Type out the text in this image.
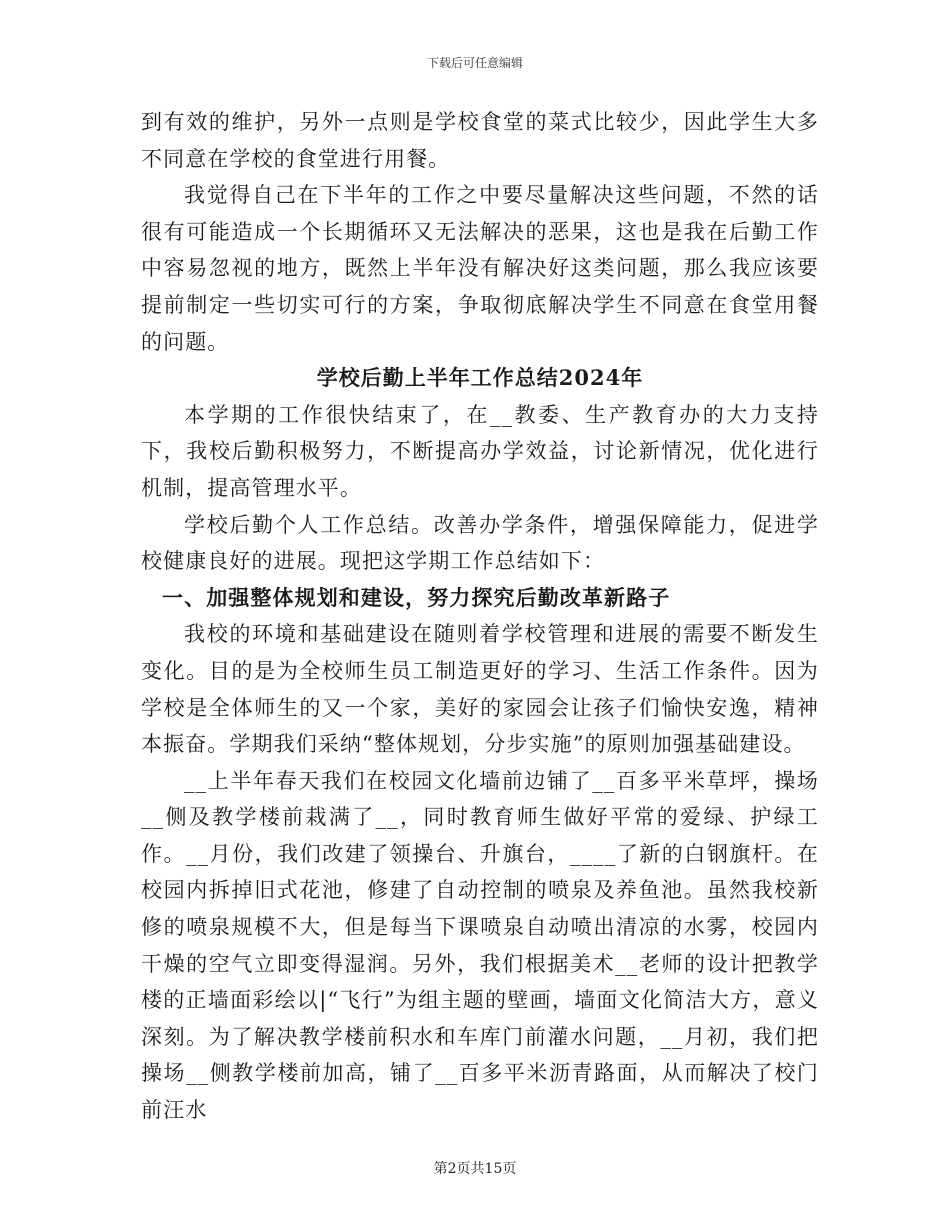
下载后可任意编辑

到有效的维护，另外一点则是学校食堂的菜式比较少，因此学生大多不同意在学校的食堂进行用餐。

我觉得自己在下半年的工作之中要尽量解决这些问题，不然的话很有可能造成一个长期循环又无法解决的恶果，这也是我在后勤工作中容易忽视的地方，既然上半年没有解决好这类问题，那么我应该要提前制定一些切实可行的方案，争取彻底解决学生不同意在食堂用餐的问题。

学校后勤上半年工作总结2024年

本学期的工作很快结束了，在__教委、生产教育办的大力支持下，我校后勤积极努力，不断提高办学效益，讨论新情况，优化进行机制，提高管理水平。

学校后勤个人工作总结。改善办学条件，增强保障能力，促进学校健康良好的进展。现把这学期工作总结如下：

一、加强整体规划和建设，努力探究后勤改革新路子

我校的环境和基础建设在随则着学校管理和进展的需要不断发生变化。目的是为全校师生员工制造更好的学习、生活工作条件。因为学校是全体师生的又一个家，美好的家园会让孩子们愉快安逸，精神本振奋。学期我们采纳“整体规划，分步实施”的原则加强基础建设。

__上半年春天我们在校园文化墙前边铺了__百多平米草坪，操场__侧及教学楼前栽满了__，同时教育师生做好平常的爱绿、护绿工作。__月份，我们改建了领操台、升旗台，____了新的白钢旗杆。在校园内拆掉旧式花池，修建了自动控制的喷泉及养鱼池。虽然我校新修的喷泉规模不大，但是每当下课喷泉自动喷出清凉的水雾，校园内干燥的空气立即变得湿润。另外，我们根据美术__老师的设计把教学楼的正墙面彩绘以|“飞行”为组主题的壁画，墙面文化简洁大方，意义深刻。为了解决教学楼前积水和车库门前灌水问题，__月初，我们把操场__侧教学楼前加高，铺了__百多平米沥青路面，从而解决了校门前汪水

第2页共15页
